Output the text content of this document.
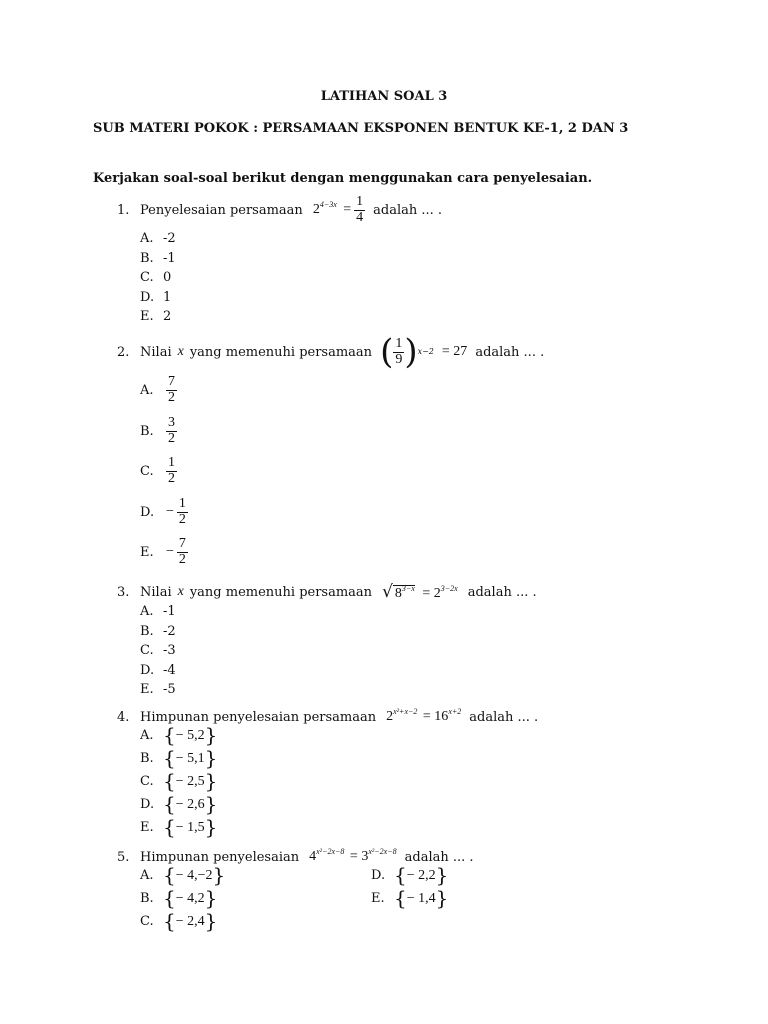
LATIHAN SOAL 3
SUB MATERI POKOK : PERSAMAAN EKSPONEN BENTUK KE-1, 2 DAN 3
Kerjakan soal-soal berikut dengan menggunakan cara penyelesaian.
1. Penyelesaian persamaan $2^{4-3x} = \frac{1}{4}$ adalah ... .
A. -2
B. -1
C. 0
D. 1
E. 2
2. Nilai x yang memenuhi persamaan ( $\frac{1}{9}$ ) x−2 = 27 adalah ... .
A. $\frac{7}{2}$
B. $\frac{3}{2}$
C. $\frac{1}{2}$
D. − $\frac{1}{2}$
E. − $\frac{7}{2}$
3. Nilai x yang memenuhi persamaan √ $8^{3-x} = 2^{3-2x}$ adalah ... .
A. -1
B. -2
C. -3
D. -4
E. -5
4. Himpunan penyelesaian persamaan $2^{x^2+x-2} = 16^{x+2}$ adalah ... .
A. {− 5,2}
B. {− 5,1}
C. {− 2,5}
D. {− 2,6}
E. {− 1,5}
5. Himpunan penyelesaian $4^{x^2-2x-8} = 3^{x^2-2x-8}$ adalah ... .
A. {− 4,−2}
B. {− 4,2}
C. {− 2,4}
D. {− 2,2}
E. {− 1,4}
